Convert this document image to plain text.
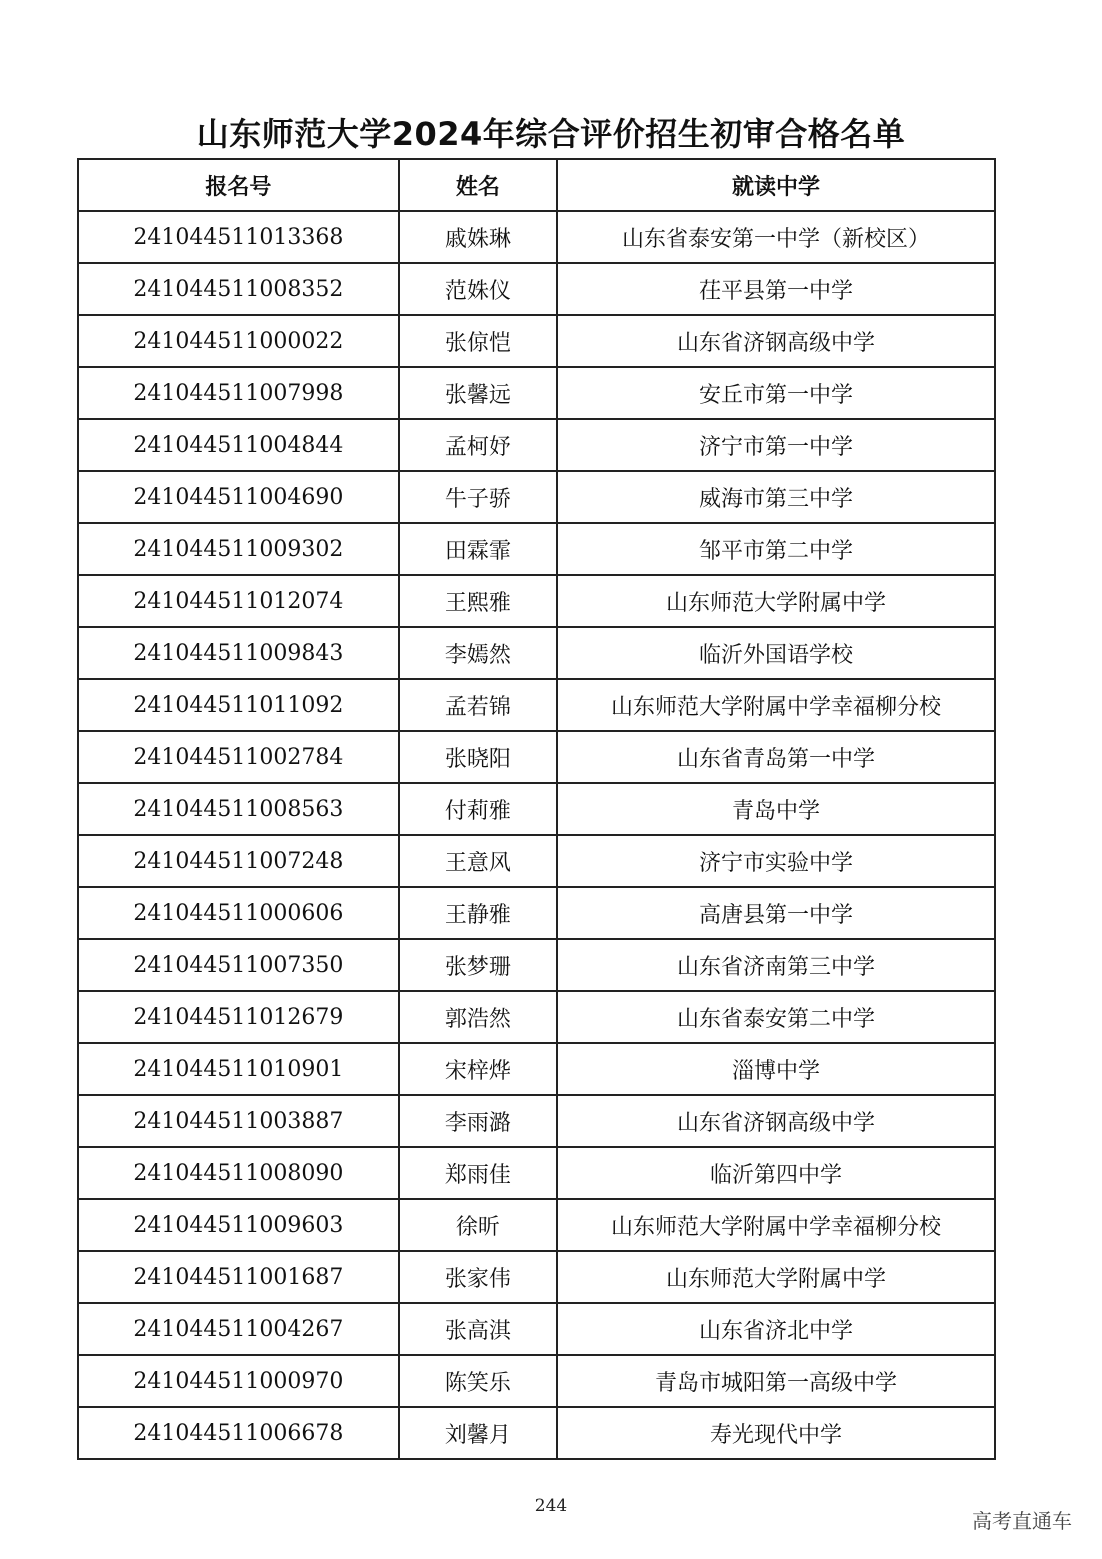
山东师范大学2024年综合评价招生初审合格名单
报名号	姓名	就读中学
241044511013368	戚姝琳	山东省泰安第一中学（新校区）
241044511008352	范姝仪	茌平县第一中学
241044511000022	张倞恺	山东省济钢高级中学
241044511007998	张馨远	安丘市第一中学
241044511004844	孟柯妤	济宁市第一中学
241044511004690	牛子骄	威海市第三中学
241044511009302	田霖霏	邹平市第二中学
241044511012074	王熙雅	山东师范大学附属中学
241044511009843	李嫣然	临沂外国语学校
241044511011092	孟若锦	山东师范大学附属中学幸福柳分校
241044511002784	张晓阳	山东省青岛第一中学
241044511008563	付莉雅	青岛中学
241044511007248	王意风	济宁市实验中学
241044511000606	王静雅	高唐县第一中学
241044511007350	张梦珊	山东省济南第三中学
241044511012679	郭浩然	山东省泰安第二中学
241044511010901	宋梓烨	淄博中学
241044511003887	李雨潞	山东省济钢高级中学
241044511008090	郑雨佳	临沂第四中学
241044511009603	徐昕	山东师范大学附属中学幸福柳分校
241044511001687	张家伟	山东师范大学附属中学
241044511004267	张高淇	山东省济北中学
241044511000970	陈笑乐	青岛市城阳第一高级中学
241044511006678	刘馨月	寿光现代中学
244
高考直通车
